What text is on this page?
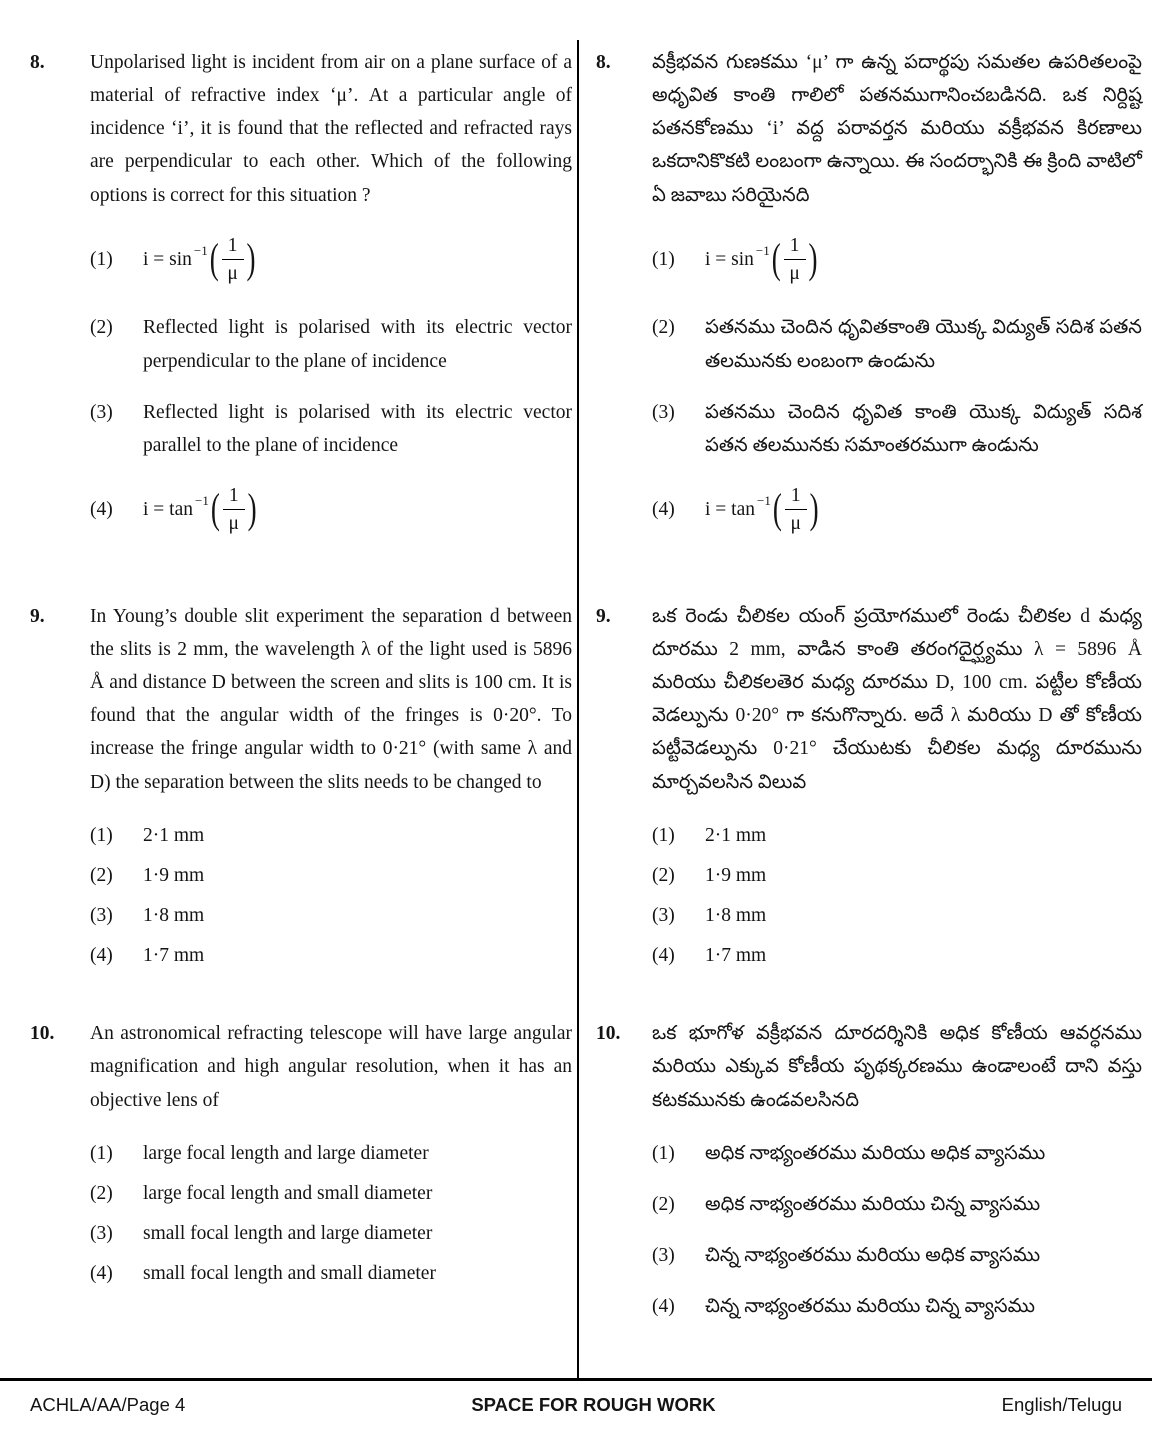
8.	Unpolarised light is incident from air on a plane surface of a material of refractive index ‘μ’. At a particular angle of incidence ‘i’, it is found that the reflected and refracted rays are perpendicular to each other. Which of the following options is correct for this situation ?

(1)	i = sin −1 ( $\frac{1}{\mu}$ )
(2)	Reflected light is polarised with its electric vector perpendicular to the plane of incidence
(3)	Reflected light is polarised with its electric vector parallel to the plane of incidence
(4)	i = tan −1 ( $\frac{1}{\mu}$ )
9.	In Young’s double slit experiment the separation d between the slits is 2 mm, the wavelength λ of the light used is 5896 Å and distance D between the screen and slits is 100 cm. It is found that the angular width of the fringes is 0·20°. To increase the fringe angular width to 0·21° (with same λ and D) the separation between the slits needs to be changed to

(1)	2·1 mm
(2)	1·9 mm
(3)	1·8 mm
(4)	1·7 mm
10.	An astronomical refracting telescope will have large angular magnification and high angular resolution, when it has an objective lens of

(1)	large focal length and large diameter
(2)	large focal length and small diameter
(3)	small focal length and large diameter
(4)	small focal length and small diameter
8.	వక్రీభవన గుణకము ‘μ’ గా ఉన్న పదార్థపు సమతల ఉపరితలంపై అధృవిత కాంతి గాలిలో పతనముగానించబడినది. ఒక నిర్దిష్ట పతనకోణము ‘i’ వద్ద పరావర్తన మరియు వక్రీభవన కిరణాలు ఒకదానికొకటి లంబంగా ఉన్నాయి. ఈ సందర్భానికి ఈ క్రింది వాటిలో ఏ జవాబు సరియైనది

(1)	i = sin −1 ( $\frac{1}{\mu}$ )
(2)	పతనము చెందిన ధృవితకాంతి యొక్క విద్యుత్ సదిశ పతన తలమునకు లంబంగా ఉండును
(3)	పతనము చెందిన ధృవిత కాంతి యొక్క విద్యుత్ సదిశ పతన తలమునకు సమాంతరముగా ఉండును
(4)	i = tan −1 ( $\frac{1}{\mu}$ )
9.	ఒక రెండు చీలికల యంగ్ ప్రయోగములో రెండు చీలికల d మధ్య దూరము 2 mm, వాడిన కాంతి తరంగదైర్ఘ్యము λ = 5896 Å మరియు చీలికలతెర మధ్య దూరము D, 100 cm. పట్టీల కోణీయ వెడల్పును 0·20° గా కనుగొన్నారు. అదే λ మరియు D తో కోణీయ పట్టీవెడల్పును 0·21° చేయుటకు చీలికల మధ్య దూరమును మార్చవలసిన విలువ

(1)	2·1 mm
(2)	1·9 mm
(3)	1·8 mm
(4)	1·7 mm
10.	ఒక భూగోళ వక్రీభవన దూరదర్శినికి అధిక కోణీయ ఆవర్ధనము మరియు ఎక్కువ కోణీయ పృథక్కరణము ఉండాలంటే దాని వస్తు కటకమునకు ఉండవలసినది

(1)	అధిక నాభ్యంతరము మరియు అధిక వ్యాసము
(2)	అధిక నాభ్యంతరము మరియు చిన్న వ్యాసము
(3)	చిన్న నాభ్యంతరము మరియు అధిక వ్యాసము
(4)	చిన్న నాభ్యంతరము మరియు చిన్న వ్యాసము
ACHLA/AA/Page 4	SPACE FOR ROUGH WORK	English/Telugu
